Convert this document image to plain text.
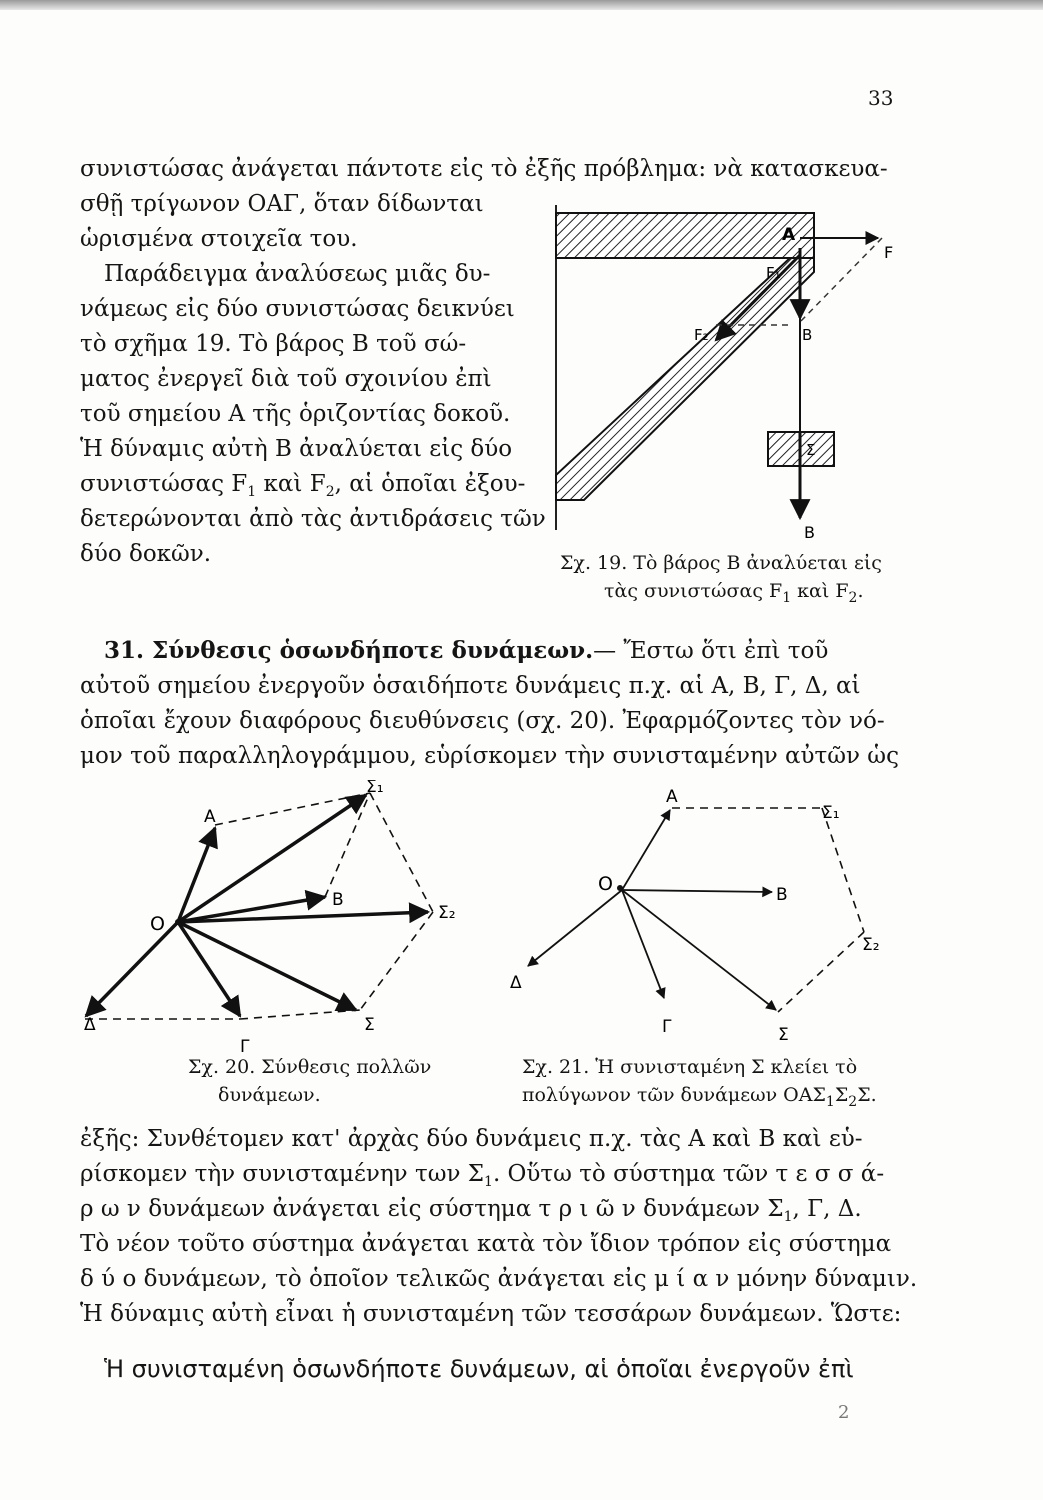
33
συνιστώσας ἀνάγεται πάντοτε εἰς τὸ ἐξῆς πρόβλημα: νὰ κατασκευα-
σθῇ τρίγωνον ΟΑΓ, ὅταν δίδωνται
ὡρισμένα στοιχεῖα του.
Παράδειγμα ἀναλύσεως μιᾶς δυ-
νάμεως εἰς δύο συνιστώσας δεικνύει
τὸ σχῆμα 19. Τὸ βάρος Β τοῦ σώ-
ματος ἐνεργεῖ διὰ τοῦ σχοινίου ἐπὶ
τοῦ σημείου Α τῆς ὁριζοντίας δοκοῦ.
Ἡ δύναμις αὐτὴ Β ἀναλύεται εἰς δύο
συνιστώσας $F_1$ καὶ $F_2$, αἱ ὁποῖαι ἐξου-
δετερώνονται ἀπὸ τὰς ἀντιδράσεις τῶν
δύο δοκῶν.
A
F
B
F₁
F₂
Σ
B
Σχ. 19. Τὸ βάρος Β ἀναλύεται εἰς
τὰς συνιστώσας $F_1$ καὶ $F_2$.
31. Σύνθεσις ὁσωνδήποτε δυνάμεων.— Ἔστω ὅτι ἐπὶ τοῦ
αὐτοῦ σημείου ἐνεργοῦν ὁσαιδήποτε δυνάμεις π.χ. αἱ Α, Β, Γ, Δ, αἱ
ὁποῖαι ἔχουν διαφόρους διευθύνσεις (σχ. 20). Ἐφαρμόζοντες τὸν νό-
μον τοῦ παραλληλογράμμου, εὑρίσκομεν τὴν συνισταμένην αὐτῶν ὡς
O
A
Σ₁
B
Σ₂
Δ
Γ
Σ
Σχ. 20. Σύνθεσις πολλῶν
δυνάμεων.
O
A
Σ₁
B
Σ₂
Δ
Γ	Σ
Σχ. 21. Ἡ συνισταμένη Σ κλείει τὸ
πολύγωνον τῶν δυνάμεων $OA\Sigma_1\Sigma_2\Sigma$.
ἐξῆς: Συνθέτομεν κατ' ἀρχὰς δύο δυνάμεις π.χ. τὰς Α καὶ Β καὶ εὑ-
ρίσκομεν τὴν συνισταμένην των $\Sigma_1$. Οὕτω τὸ σύστημα τῶν τ ε σ σ ά-
ρ ω ν δυνάμεων ἀνάγεται εἰς σύστημα τ ρ ι ῶ ν δυνάμεων $\Sigma_1$, Γ, Δ.
Τὸ νέον τοῦτο σύστημα ἀνάγεται κατὰ τὸν ἴδιον τρόπον εἰς σύστημα
δ ύ ο δυνάμεων, τὸ ὁποῖον τελικῶς ἀνάγεται εἰς μ ί α ν μόνην δύναμιν.
Ἡ δύναμις αὐτὴ εἶναι ἡ συνισταμένη τῶν τεσσάρων δυνάμεων. Ὥστε:
Ἡ συνισταμένη ὁσωνδήποτε δυνάμεων, αἱ ὁποῖαι ἐνεργοῦν ἐπὶ
2
